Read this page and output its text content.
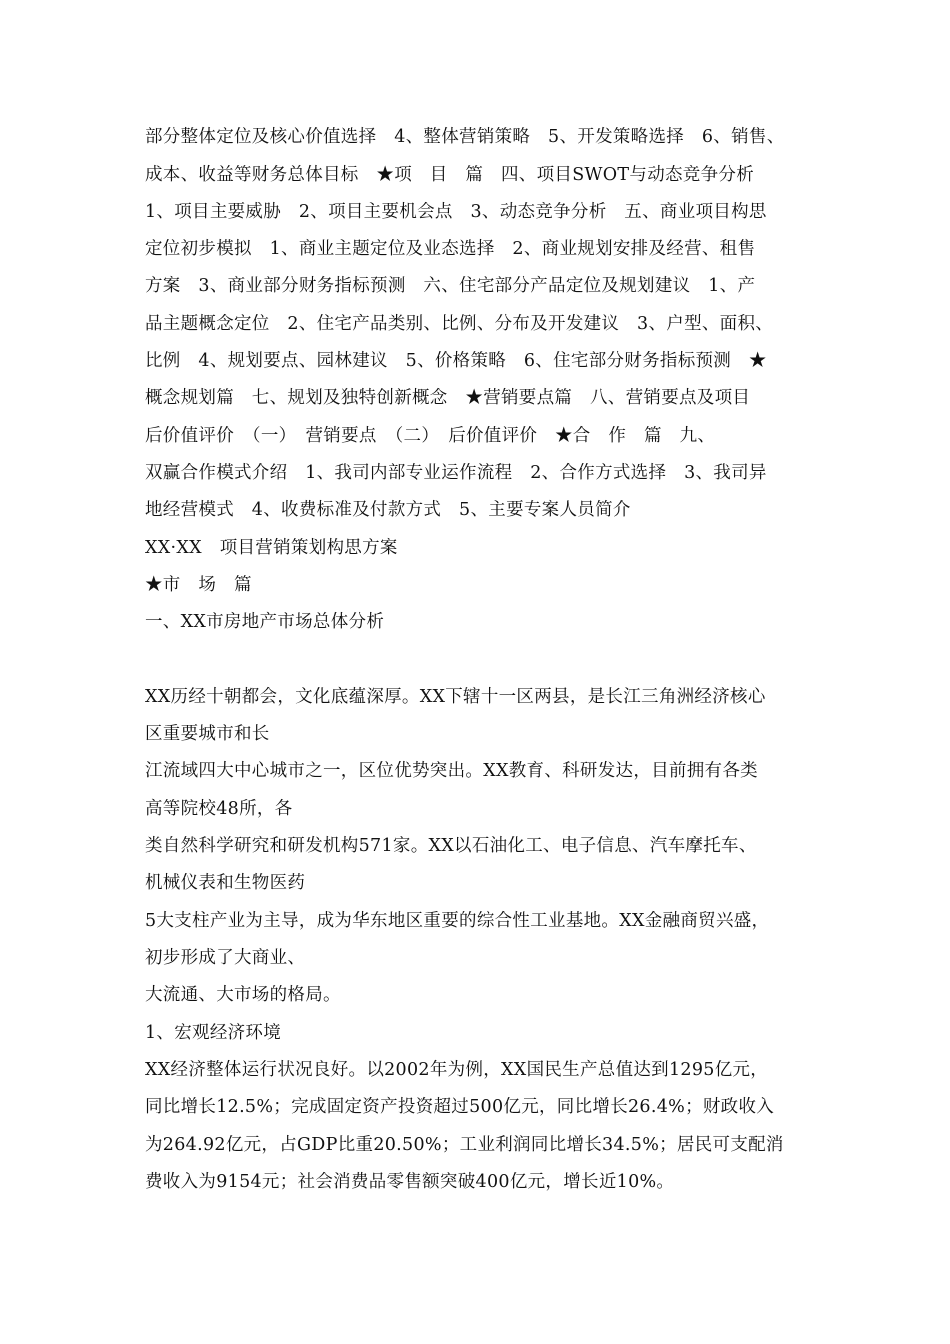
部分整体定位及核心价值选择　4、整体营销策略　5、开发策略选择　6、销售、
成本、收益等财务总体目标　★项　目　篇　四、项目SWOT与动态竞争分析
1、项目主要威胁　2、项目主要机会点　3、动态竞争分析　五、商业项目构思
定位初步模拟　1、商业主题定位及业态选择　2、商业规划安排及经营、租售
方案　3、商业部分财务指标预测　六、住宅部分产品定位及规划建议　1、产
品主题概念定位　2、住宅产品类别、比例、分布及开发建议　3、户型、面积、
比例　4、规划要点、园林建议　5、价格策略　6、住宅部分财务指标预测　★
概念规划篇　七、规划及独特创新概念　★营销要点篇　八、营销要点及项目
后价值评价　（一）　营销要点　（二）　后价值评价　★合　作　篇　九、
双赢合作模式介绍　1、我司内部专业运作流程　2、合作方式选择　3、我司异
地经营模式　4、收费标准及付款方式　5、主要专案人员简介
XX·XX　项目营销策划构思方案
★市　场　篇
一、XX市房地产市场总体分析
XX历经十朝都会，文化底蕴深厚。XX下辖十一区两县，是长江三角洲经济核心
区重要城市和长
江流域四大中心城市之一，区位优势突出。XX教育、科研发达，目前拥有各类
高等院校48所，各
类自然科学研究和研发机构571家。XX以石油化工、电子信息、汽车摩托车、
机械仪表和生物医药
5大支柱产业为主导，成为华东地区重要的综合性工业基地。XX金融商贸兴盛，
初步形成了大商业、
大流通、大市场的格局。
1、宏观经济环境
XX经济整体运行状况良好。以2002年为例，XX国民生产总值达到1295亿元，
同比增长12.5%；完成固定资产投资超过500亿元，同比增长26.4%；财政收入
为264.92亿元，占GDP比重20.50%；工业利润同比增长34.5%；居民可支配消
费收入为9154元；社会消费品零售额突破400亿元，增长近10%。
